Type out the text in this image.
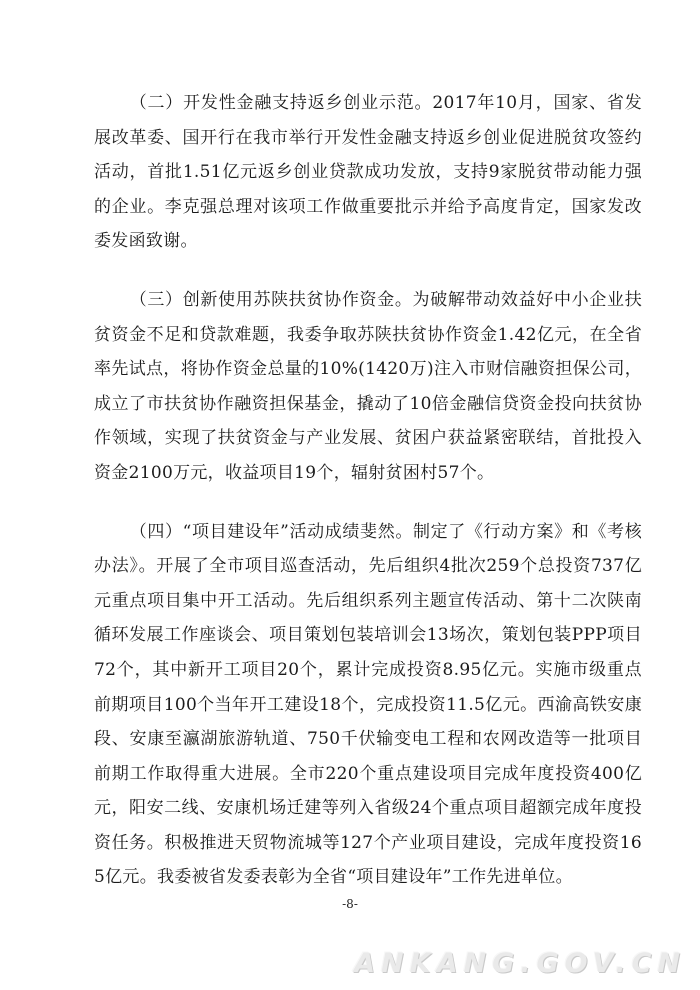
（二）开发性金融支持返乡创业示范。2017年10月，国家、省发展改革委、国开行在我市举行开发性金融支持返乡创业促进脱贫攻签约活动，首批1.51亿元返乡创业贷款成功发放，支持9家脱贫带动能力强的企业。李克强总理对该项工作做重要批示并给予高度肯定，国家发改委发函致谢。

（三）创新使用苏陕扶贫协作资金。为破解带动效益好中小企业扶贫资金不足和贷款难题，我委争取苏陕扶贫协作资金1.42亿元，在全省率先试点，将协作资金总量的10%(1420万)注入市财信融资担保公司，成立了市扶贫协作融资担保基金，撬动了10倍金融信贷资金投向扶贫协作领域，实现了扶贫资金与产业发展、贫困户获益紧密联结，首批投入资金2100万元，收益项目19个，辐射贫困村57个。

（四）“项目建设年”活动成绩斐然。制定了《行动方案》和《考核办法》。开展了全市项目巡查活动，先后组织4批次259个总投资737亿元重点项目集中开工活动。先后组织系列主题宣传活动、第十二次陕南循环发展工作座谈会、项目策划包装培训会13场次，策划包装PPP项目72个，其中新开工项目20个，累计完成投资8.95亿元。实施市级重点前期项目100个当年开工建设18个，完成投资11.5亿元。西渝高铁安康段、安康至瀛湖旅游轨道、750千伏输变电工程和农网改造等一批项目前期工作取得重大进展。全市220个重点建设项目完成年度投资400亿元，阳安二线、安康机场迁建等列入省级24个重点项目超额完成年度投资任务。积极推进天贸物流城等127个产业项目建设，完成年度投资165亿元。我委被省发委表彰为全省“项目建设年”工作先进单位。

-8-
ANKANG.GOV.CN
